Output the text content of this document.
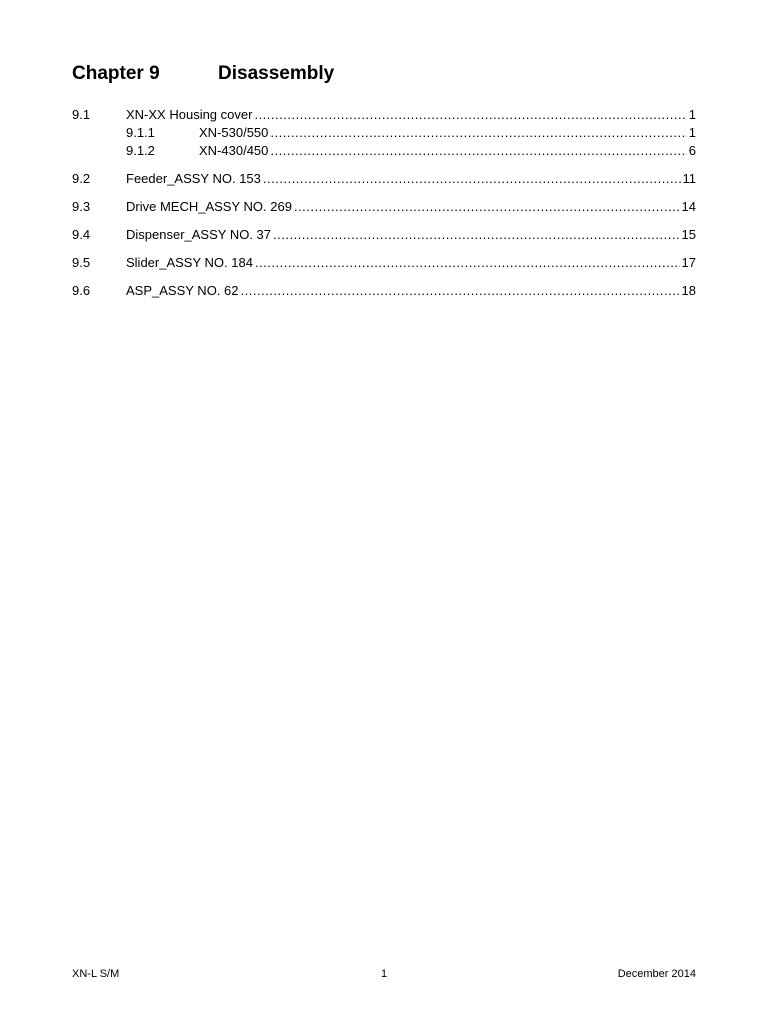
Chapter 9	Disassembly
9.1	XN-XX Housing cover .....	1
9.1.1	XN-530/550 .....	1
9.1.2	XN-430/450 .....	6
9.2	Feeder_ASSY NO. 153 .....	11
9.3	Drive MECH_ASSY NO. 269 .....	14
9.4	Dispenser_ASSY NO. 37 .....	15
9.5	Slider_ASSY NO. 184 .....	17
9.6	ASP_ASSY NO. 62 .....	18
XN-L S/M	1	December 2014
